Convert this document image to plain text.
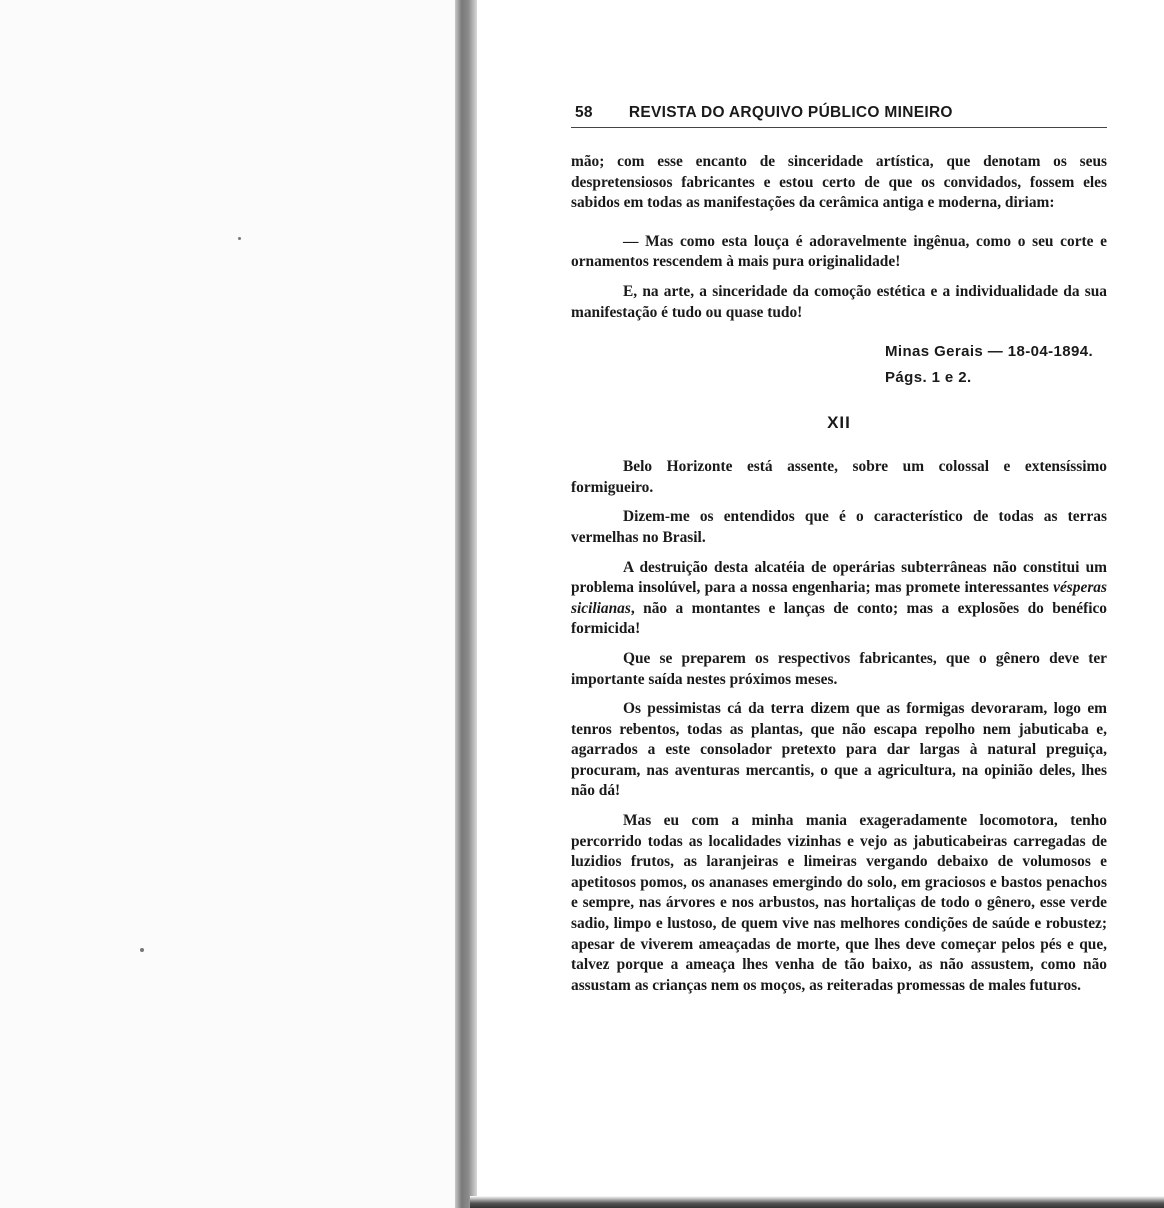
58 REVISTA DO ARQUIVO PÚBLICO MINEIRO

mão; com esse encanto de sinceridade artística, que denotam os seus despretensiosos fabricantes e estou certo de que os convidados, fossem eles sabidos em todas as manifestações da cerâmica antiga e moderna, diriam:

— Mas como esta louça é adoravelmente ingênua, como o seu corte e ornamentos rescendem à mais pura originalidade!

E, na arte, a sinceridade da comoção estética e a individualidade da sua manifestação é tudo ou quase tudo!

Minas Gerais — 18-04-1894.
Págs. 1 e 2.
XII

Belo Horizonte está assente, sobre um colossal e extensíssimo formigueiro.

Dizem-me os entendidos que é o característico de todas as terras vermelhas no Brasil.

A destruição desta alcatéia de operárias subterrâneas não constitui um problema insolúvel, para a nossa engenharia; mas promete interessantes vésperas sicilianas, não a montantes e lanças de conto; mas a explosões do benéfico formicida!

Que se preparem os respectivos fabricantes, que o gênero deve ter importante saída nestes próximos meses.

Os pessimistas cá da terra dizem que as formigas devoraram, logo em tenros rebentos, todas as plantas, que não escapa repolho nem jabuticaba e, agarrados a este consolador pretexto para dar largas à natural preguiça, procuram, nas aventuras mercantis, o que a agricultura, na opinião deles, lhes não dá!

Mas eu com a minha mania exageradamente locomotora, tenho percorrido todas as localidades vizinhas e vejo as jabuticabeiras carregadas de luzidios frutos, as laranjeiras e limeiras vergando debaixo de volumosos e apetitosos pomos, os ananases emergindo do solo, em graciosos e bastos penachos e sempre, nas árvores e nos arbustos, nas hortaliças de todo o gênero, esse verde sadio, limpo e lustoso, de quem vive nas melhores condições de saúde e robustez; apesar de viverem ameaçadas de morte, que lhes deve começar pelos pés e que, talvez porque a ameaça lhes venha de tão baixo, as não assustem, como não assustam as crianças nem os moços, as reiteradas promessas de males futuros.
